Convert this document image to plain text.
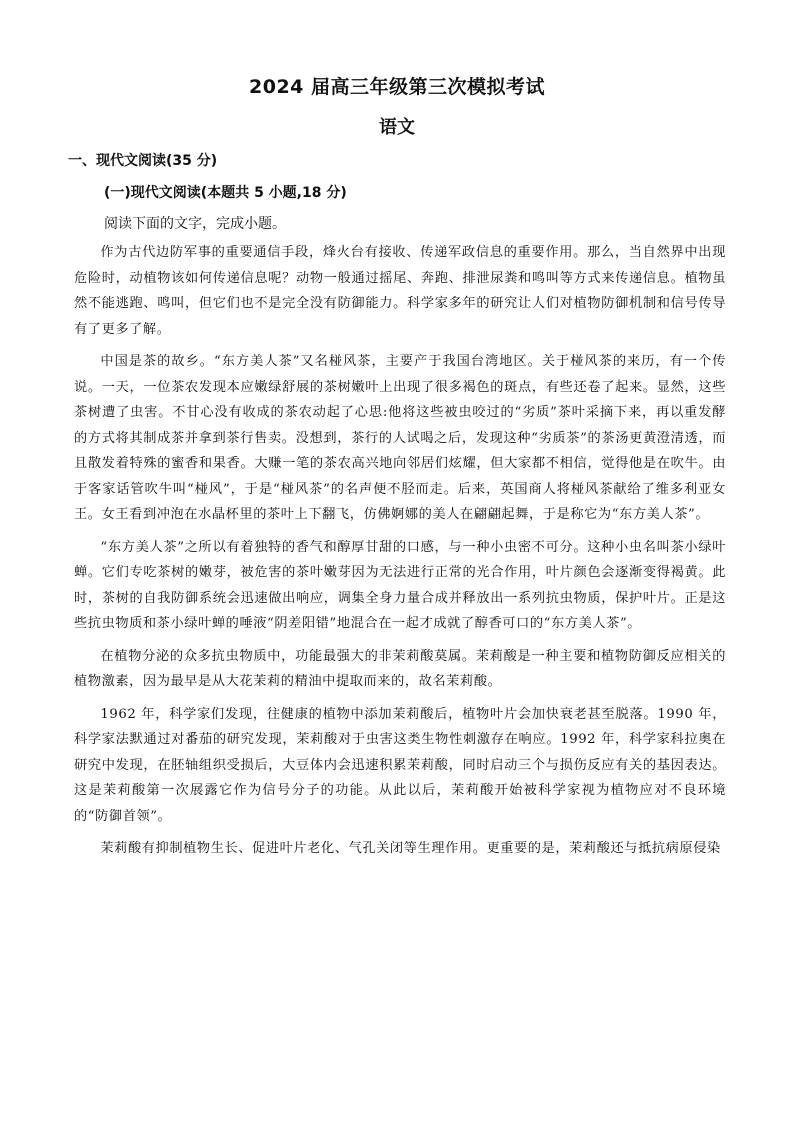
2024 届高三年级第三次模拟考试
语文
一、现代文阅读(35 分)
(一)现代文阅读(本题共 5 小题,18 分)
阅读下面的文字，完成小题。

作为古代边防军事的重要通信手段，烽火台有接收、传递军政信息的重要作用。那么，当自然界中出现危险时，动植物该如何传递信息呢？动物一般通过摇尾、奔跑、排泄尿粪和鸣叫等方式来传递信息。植物虽然不能逃跑、鸣叫，但它们也不是完全没有防御能力。科学家多年的研究让人们对植物防御机制和信号传导有了更多了解。

中国是茶的故乡。“东方美人茶”又名椪风茶，主要产于我国台湾地区。关于椪风茶的来历，有一个传说。一天，一位茶农发现本应嫩绿舒展的茶树嫩叶上出现了很多褐色的斑点，有些还卷了起来。显然，这些茶树遭了虫害。不甘心没有收成的茶农动起了心思:他将这些被虫咬过的“劣质”茶叶采摘下来，再以重发酵的方式将其制成茶并拿到茶行售卖。没想到，茶行的人试喝之后，发现这种“劣质茶”的茶汤更黄澄清透，而且散发着特殊的蜜香和果香。大赚一笔的茶农高兴地向邻居们炫耀，但大家都不相信，觉得他是在吹牛。由于客家话管吹牛叫“椪风”，于是“椪风茶”的名声便不胫而走。后来，英国商人将椪风茶献给了维多利亚女王。女王看到冲泡在水晶杯里的茶叶上下翻飞，仿佛婀娜的美人在翩翩起舞，于是称它为“东方美人茶”。

“东方美人茶”之所以有着独特的香气和醇厚甘甜的口感，与一种小虫密不可分。这种小虫名叫茶小绿叶蝉。它们专吃茶树的嫩芽，被危害的茶叶嫩芽因为无法进行正常的光合作用，叶片颜色会逐渐变得褐黄。此时，茶树的自我防御系统会迅速做出响应，调集全身力量合成并释放出一系列抗虫物质，保护叶片。正是这些抗虫物质和茶小绿叶蝉的唾液“阴差阳错”地混合在一起才成就了醇香可口的“东方美人茶”。

在植物分泌的众多抗虫物质中，功能最强大的非茉莉酸莫属。茉莉酸是一种主要和植物防御反应相关的植物激素，因为最早是从大花茉莉的精油中提取而来的，故名茉莉酸。

1962 年，科学家们发现，往健康的植物中添加茉莉酸后，植物叶片会加快衰老甚至脱落。1990 年，科学家法默通过对番茄的研究发现，茉莉酸对于虫害这类生物性刺激存在响应。1992 年，科学家科拉奥在研究中发现，在胚轴组织受损后，大豆体内会迅速积累茉莉酸，同时启动三个与损伤反应有关的基因表达。这是茉莉酸第一次展露它作为信号分子的功能。从此以后，茉莉酸开始被科学家视为植物应对不良环境的“防御首领”。

茉莉酸有抑制植物生长、促进叶片老化、气孔关闭等生理作用。更重要的是，茉莉酸还与抵抗病原侵染
